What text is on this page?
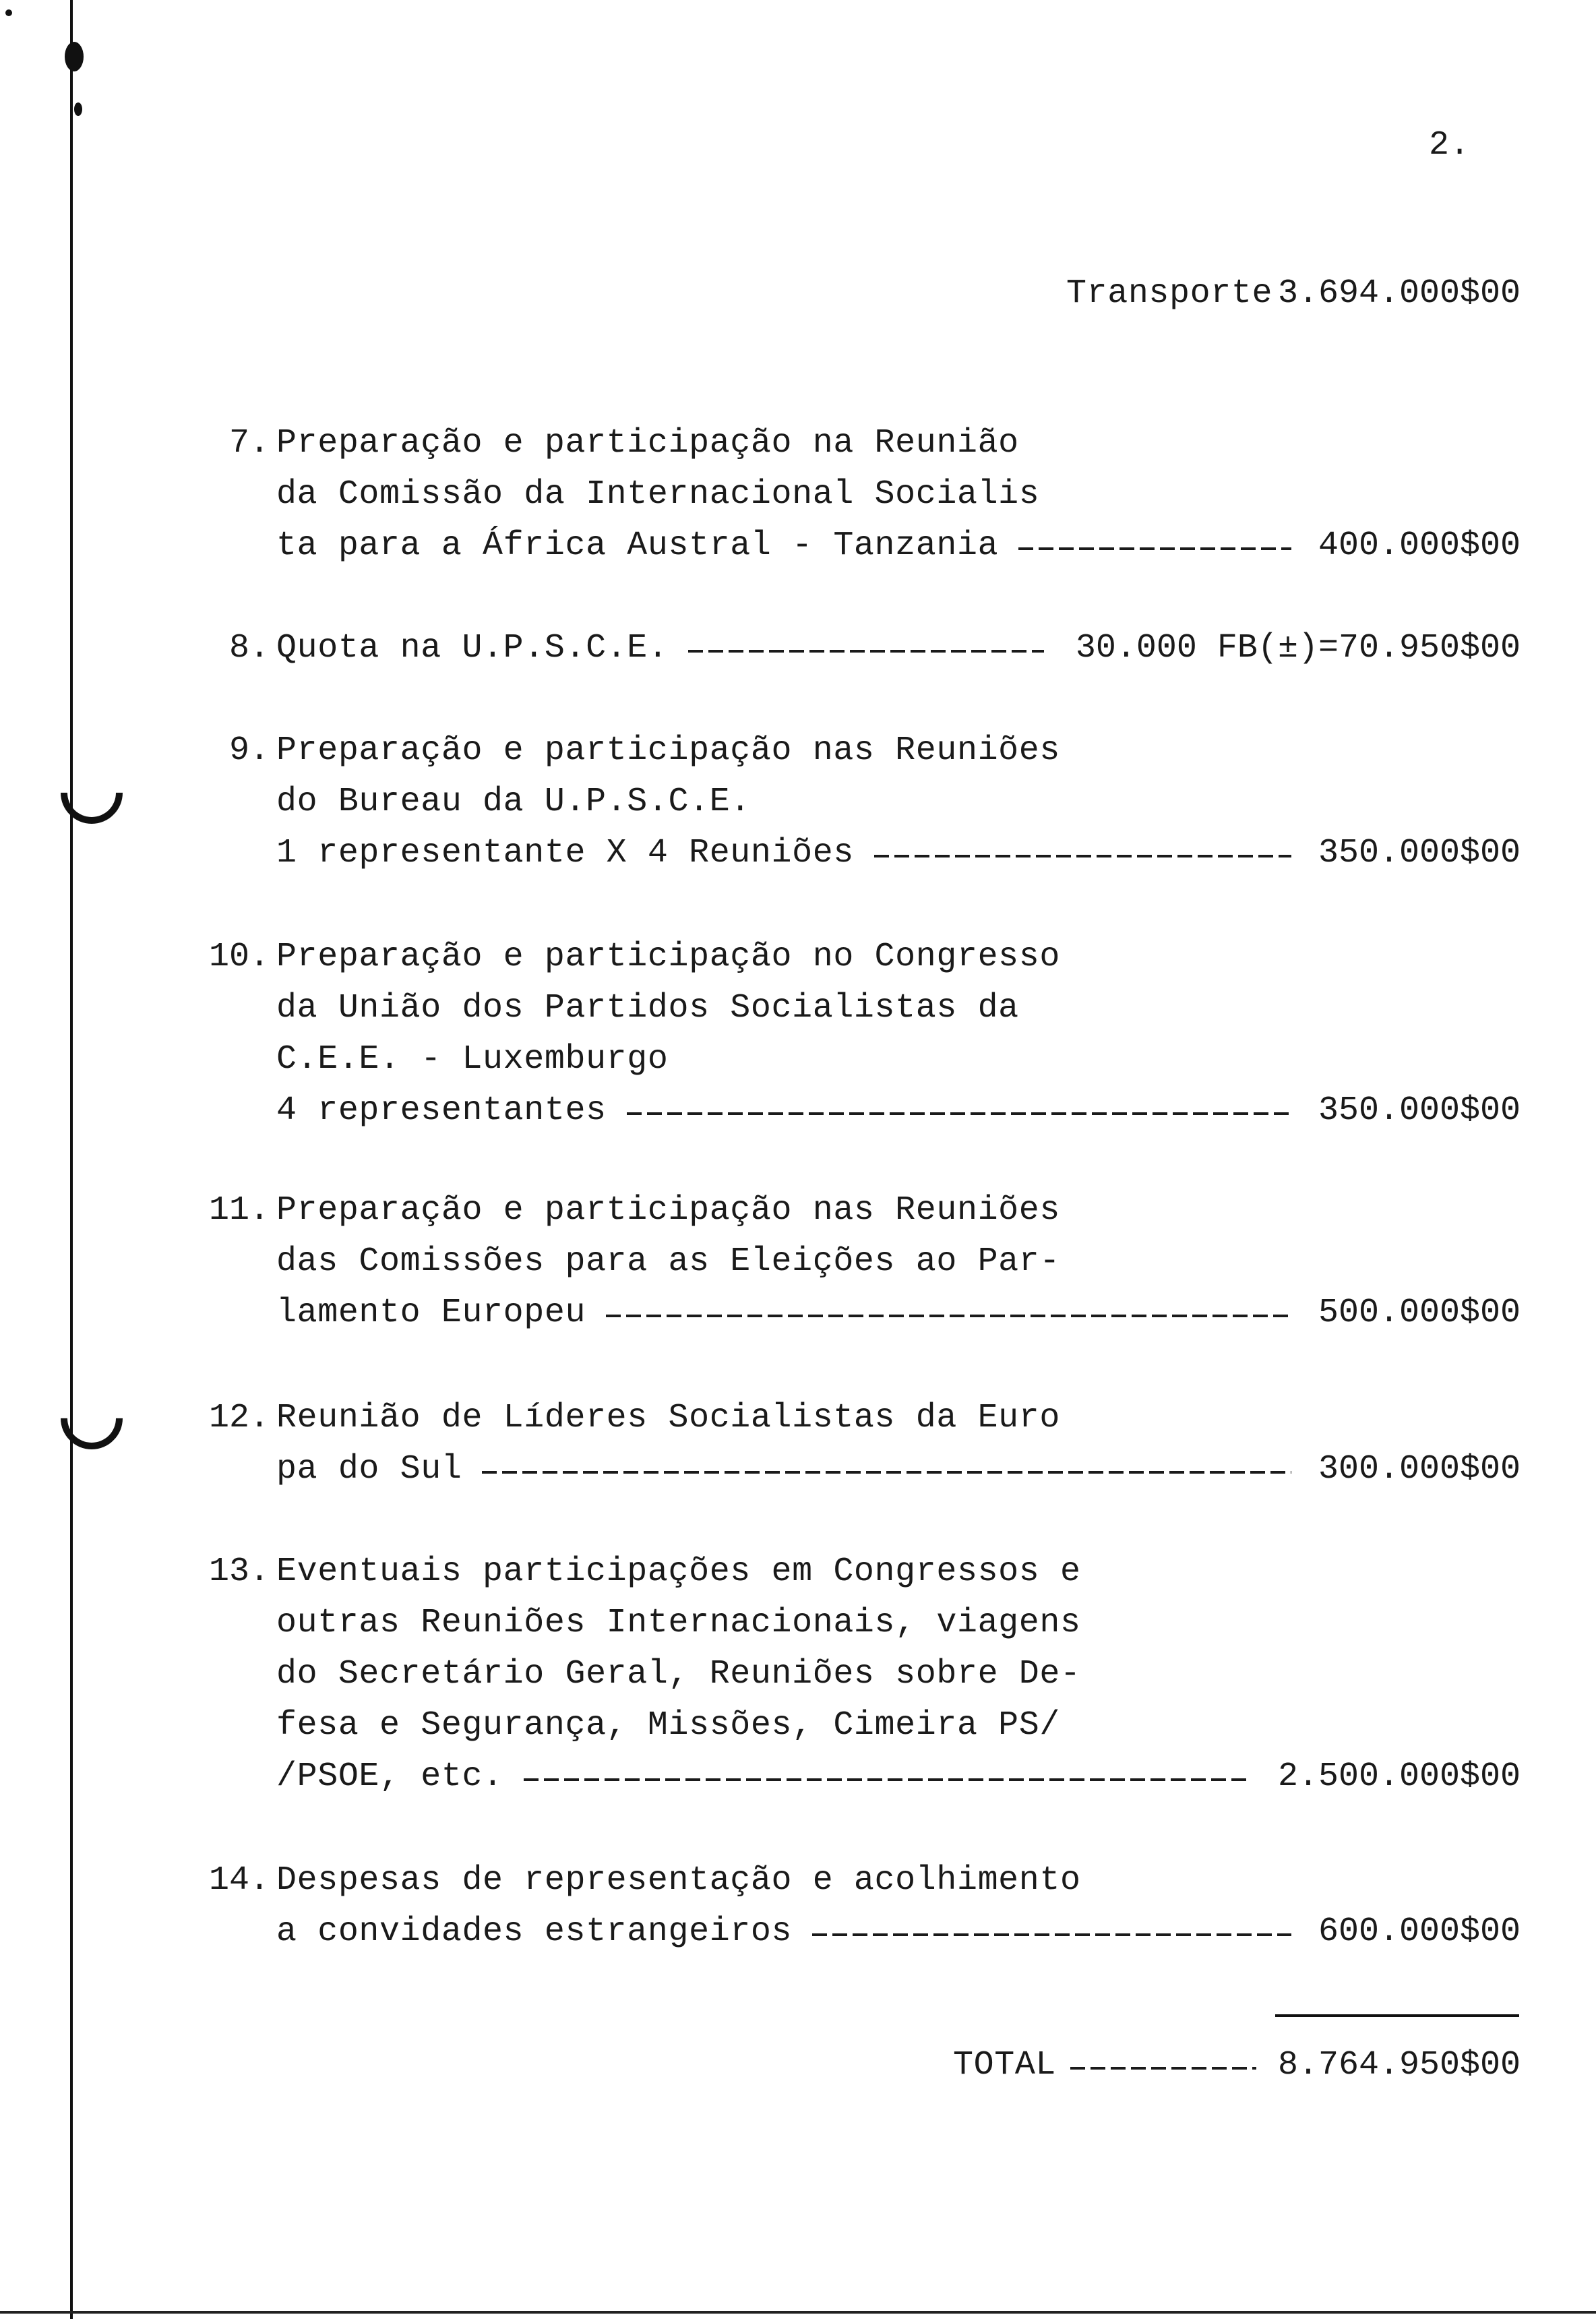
2.
Transporte 3.694.000$00
7. Preparação e participação na Reunião
da Comissão da Internacional Socialis
ta para a África Austral - Tanzania	400.000$00
8. Quota na U.P.S.C.E.	30.000 FB(±)=70.950$00
9. Preparação e participação nas Reuniões
do Bureau da U.P.S.C.E.
1 representante X 4 Reuniões	350.000$00
10. Preparação e participação no Congresso
da União dos Partidos Socialistas da
C.E.E. - Luxemburgo
4 representantes	350.000$00
11. Preparação e participação nas Reuniões
das Comissões para as Eleições ao Par-
lamento Europeu	500.000$00
12. Reunião de Líderes Socialistas da Euro
pa do Sul	300.000$00
13. Eventuais participações em Congressos e
outras Reuniões Internacionais, viagens
do Secretário Geral, Reuniões sobre De-
fesa e Segurança, Missões, Cimeira PS/
/PSOE, etc.	2.500.000$00
14. Despesas de representação e acolhimento
a convidades estrangeiros	600.000$00
TOTAL	8.764.950$00
